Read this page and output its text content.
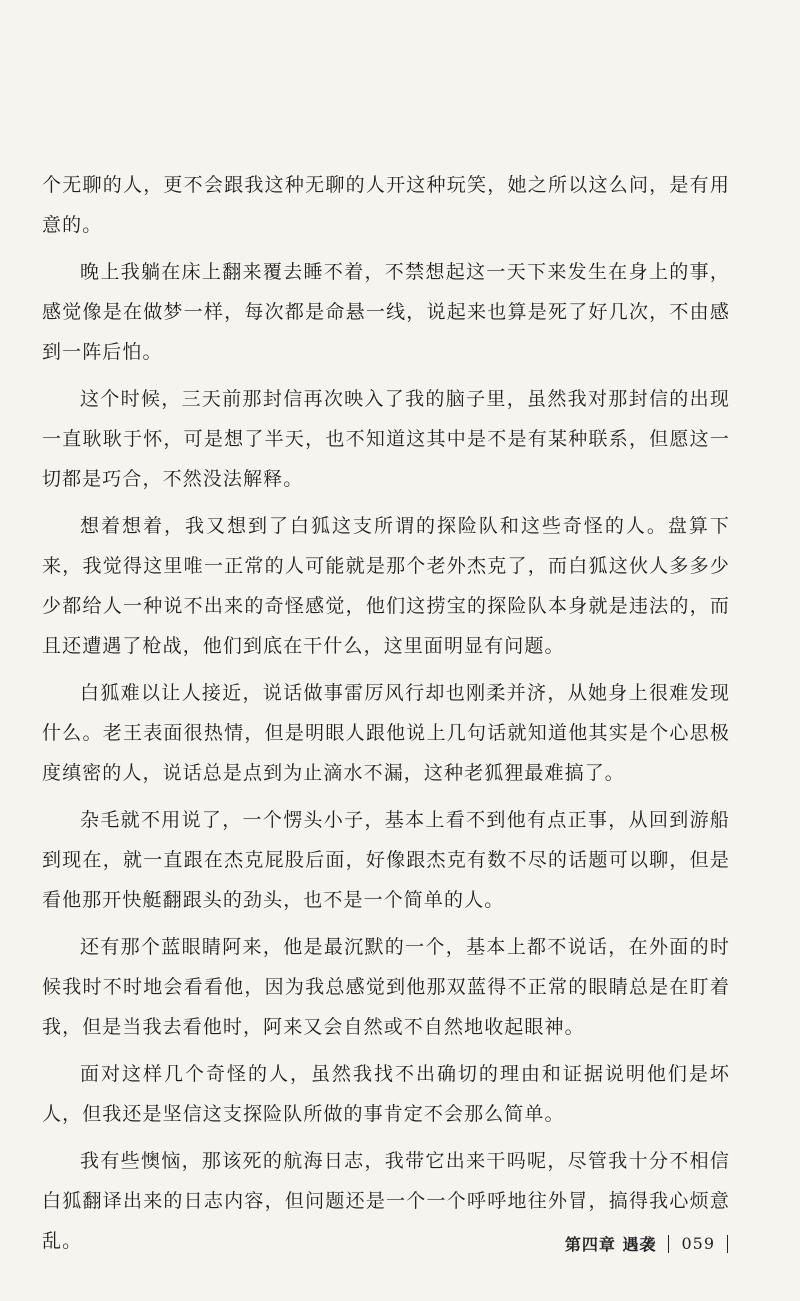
个无聊的人，更不会跟我这种无聊的人开这种玩笑，她之所以这么问，是有用意的。

晚上我躺在床上翻来覆去睡不着，不禁想起这一天下来发生在身上的事，感觉像是在做梦一样，每次都是命悬一线，说起来也算是死了好几次，不由感到一阵后怕。

这个时候，三天前那封信再次映入了我的脑子里，虽然我对那封信的出现一直耿耿于怀，可是想了半天，也不知道这其中是不是有某种联系，但愿这一切都是巧合，不然没法解释。

想着想着，我又想到了白狐这支所谓的探险队和这些奇怪的人。盘算下来，我觉得这里唯一正常的人可能就是那个老外杰克了，而白狐这伙人多多少少都给人一种说不出来的奇怪感觉，他们这捞宝的探险队本身就是违法的，而且还遭遇了枪战，他们到底在干什么，这里面明显有问题。

白狐难以让人接近，说话做事雷厉风行却也刚柔并济，从她身上很难发现什么。老王表面很热情，但是明眼人跟他说上几句话就知道他其实是个心思极度缜密的人，说话总是点到为止滴水不漏，这种老狐狸最难搞了。

杂毛就不用说了，一个愣头小子，基本上看不到他有点正事，从回到游船到现在，就一直跟在杰克屁股后面，好像跟杰克有数不尽的话题可以聊，但是看他那开快艇翻跟头的劲头，也不是一个简单的人。

还有那个蓝眼睛阿来，他是最沉默的一个，基本上都不说话，在外面的时候我时不时地会看看他，因为我总感觉到他那双蓝得不正常的眼睛总是在盯着我，但是当我去看他时，阿来又会自然或不自然地收起眼神。

面对这样几个奇怪的人，虽然我找不出确切的理由和证据说明他们是坏人，但我还是坚信这支探险队所做的事肯定不会那么简单。

我有些懊恼，那该死的航海日志，我带它出来干吗呢，尽管我十分不相信白狐翻译出来的日志内容，但问题还是一个一个呼呼地往外冒，搞得我心烦意乱。	第四章 遇袭 059
